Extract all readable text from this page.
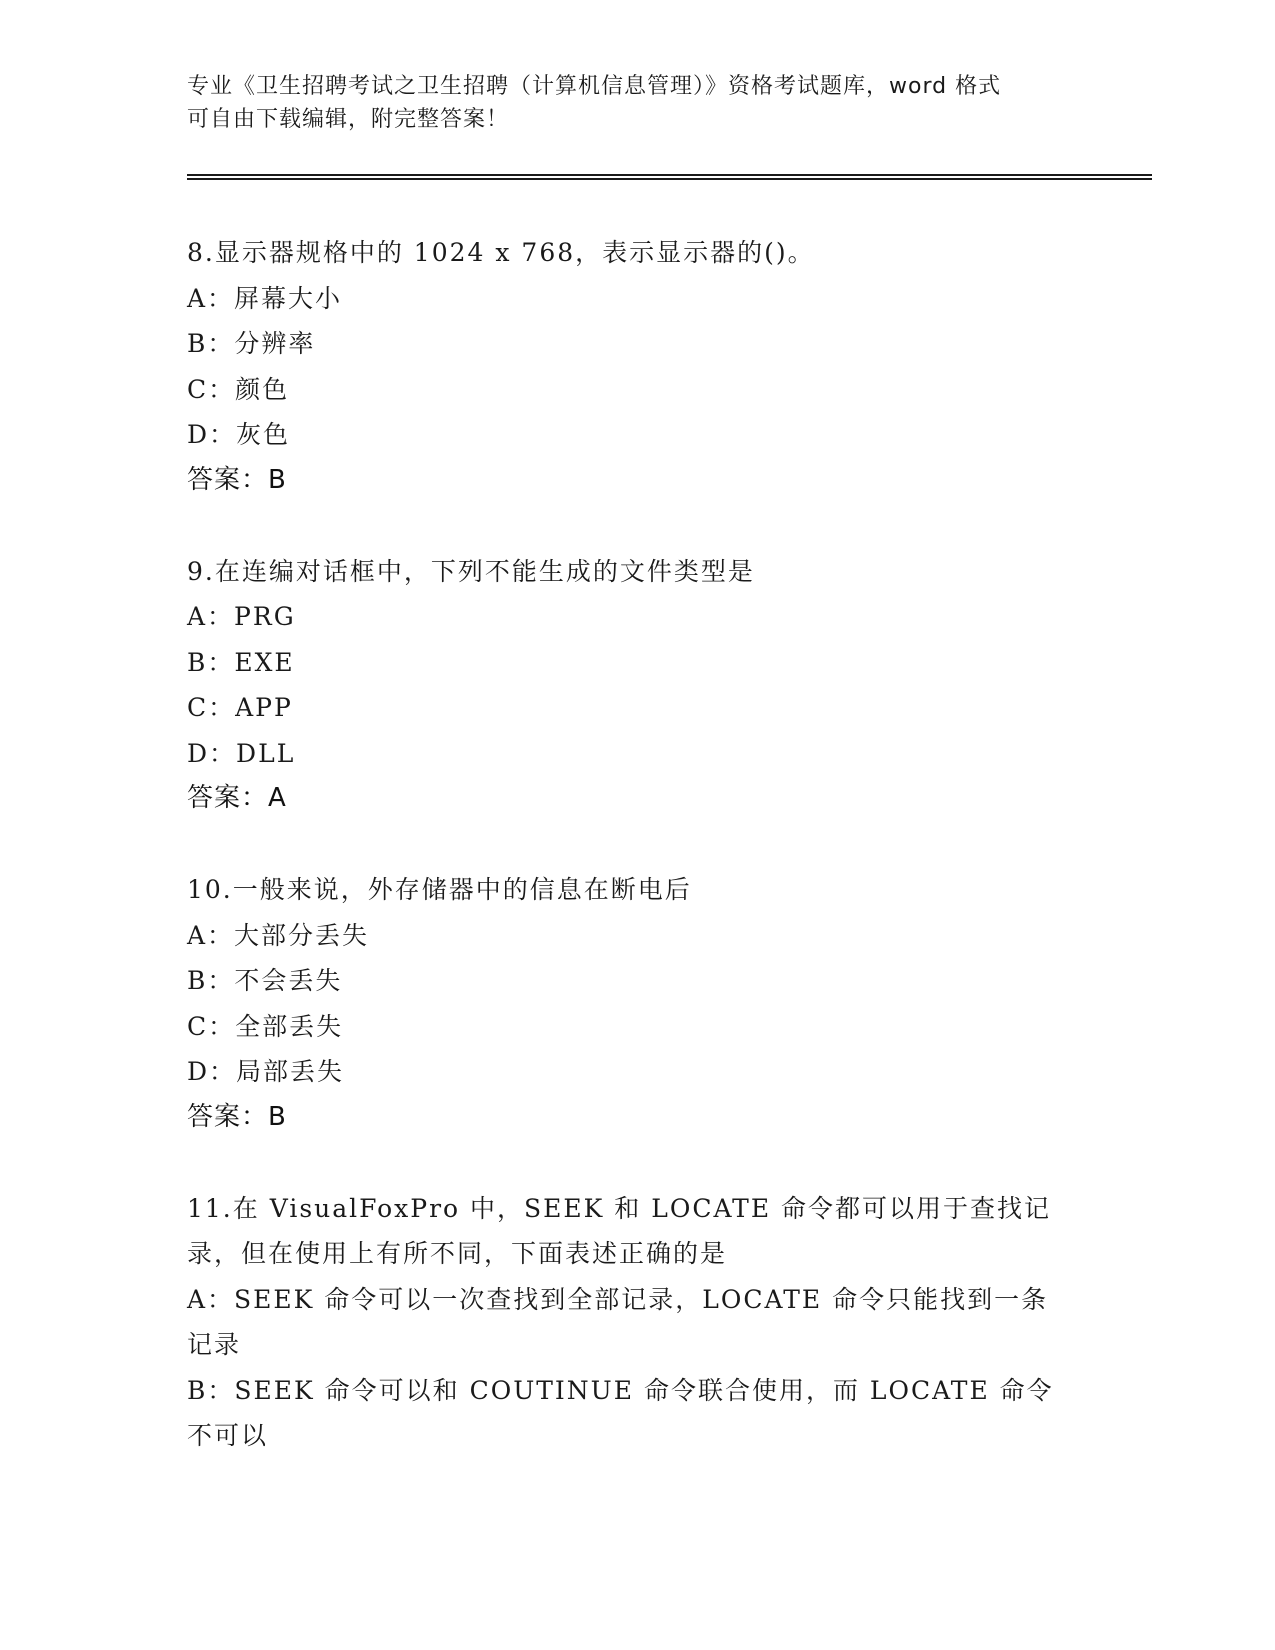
专业《卫生招聘考试之卫生招聘（计算机信息管理）》资格考试题库，word 格式

可自由下载编辑，附完整答案！

8.显示器规格中的 1024 x 768，表示显示器的()。

A：屏幕大小

B：分辨率

C：颜色

D：灰色

答案：B

9.在连编对话框中，下列不能生成的文件类型是

A：PRG

B：EXE

C：APP

D：DLL

答案：A

10.一般来说，外存储器中的信息在断电后

A：大部分丢失

B：不会丢失

C：全部丢失

D：局部丢失

答案：B

11.在 VisualFoxPro 中，SEEK 和 LOCATE 命令都可以用于查找记录，但在使用上有所不同，下面表述正确的是

A：SEEK 命令可以一次查找到全部记录，LOCATE 命令只能找到一条记录

B：SEEK 命令可以和 COUTINUE 命令联合使用，而 LOCATE 命令不可以
